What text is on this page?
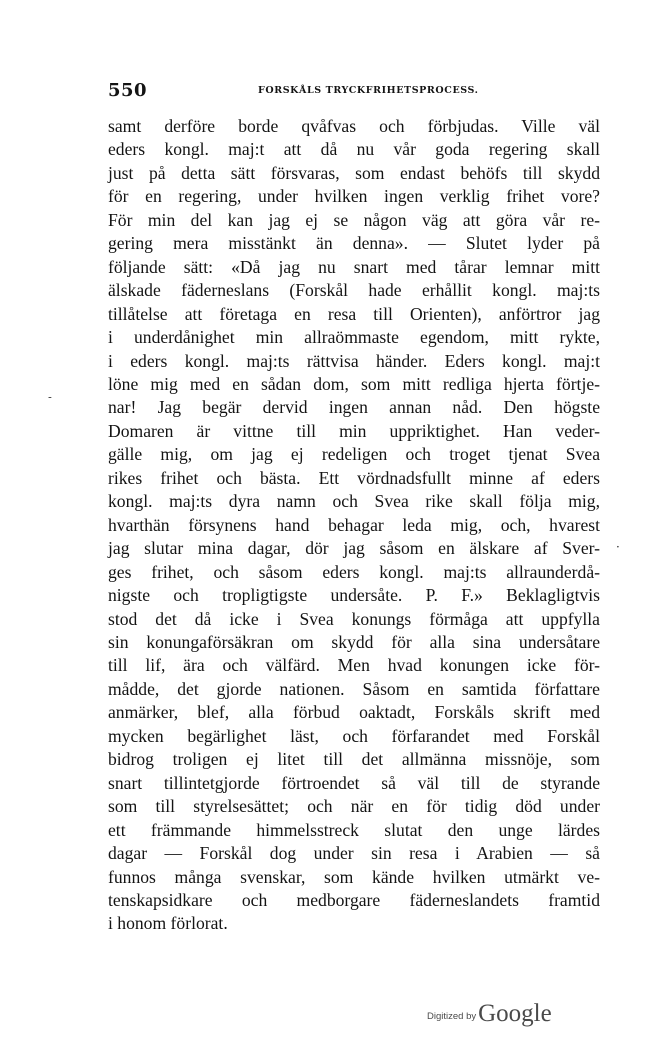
550	FORSKÅLS TRYCKFRIHETSPROCESS.
samt derföre borde qvåfvas och förbjudas. Ville väl
eders kongl. maj:t att då nu vår goda regering skall
just på detta sätt försvaras, som endast behöfs till skydd
för en regering, under hvilken ingen verklig frihet vore?
För min del kan jag ej se någon väg att göra vår re-
gering mera misstänkt än denna». — Slutet lyder på
följande sätt: «Då jag nu snart med tårar lemnar mitt
älskade fäderneslans (Forskål hade erhållit kongl. maj:ts
tillåtelse att företaga en resa till Orienten), anförtror jag
i underdånighet min allraömmaste egendom, mitt rykte,
i eders kongl. maj:ts rättvisa händer. Eders kongl. maj:t
löne mig med en sådan dom, som mitt redliga hjerta förtje-
nar! Jag begär dervid ingen annan nåd. Den högste
Domaren är vittne till min uppriktighet. Han veder-
gälle mig, om jag ej redeligen och troget tjenat Svea
rikes frihet och bästa. Ett vördnadsfullt minne af eders
kongl. maj:ts dyra namn och Svea rike skall följa mig,
hvarthän försynens hand behagar leda mig, och, hvarest
jag slutar mina dagar, dör jag såsom en älskare af Sver-
ges frihet, och såsom eders kongl. maj:ts allraunderdå-
nigste och tropligtigste undersåte. P. F.» Beklagligtvis
stod det då icke i Svea konungs förmåga att uppfylla
sin konungaförsäkran om skydd för alla sina undersåtare
till lif, ära och välfärd. Men hvad konungen icke för-
mådde, det gjorde nationen. Såsom en samtida författare
anmärker, blef, alla förbud oaktadt, Forskåls skrift med
mycken begärlighet läst, och förfarandet med Forskål
bidrog troligen ej litet till det allmänna missnöje, som
snart tillintetgjorde förtroendet så väl till de styrande
som till styrelsesättet; och när en för tidig död under
ett främmande himmelsstreck slutat den unge lärdes
dagar — Forskål dog under sin resa i Arabien — så
funnos många svenskar, som kände hvilken utmärkt ve-
tenskapsidkare och medborgare fäderneslandets framtid
i honom förlorat.
˗
·
Digitized byGoogle
